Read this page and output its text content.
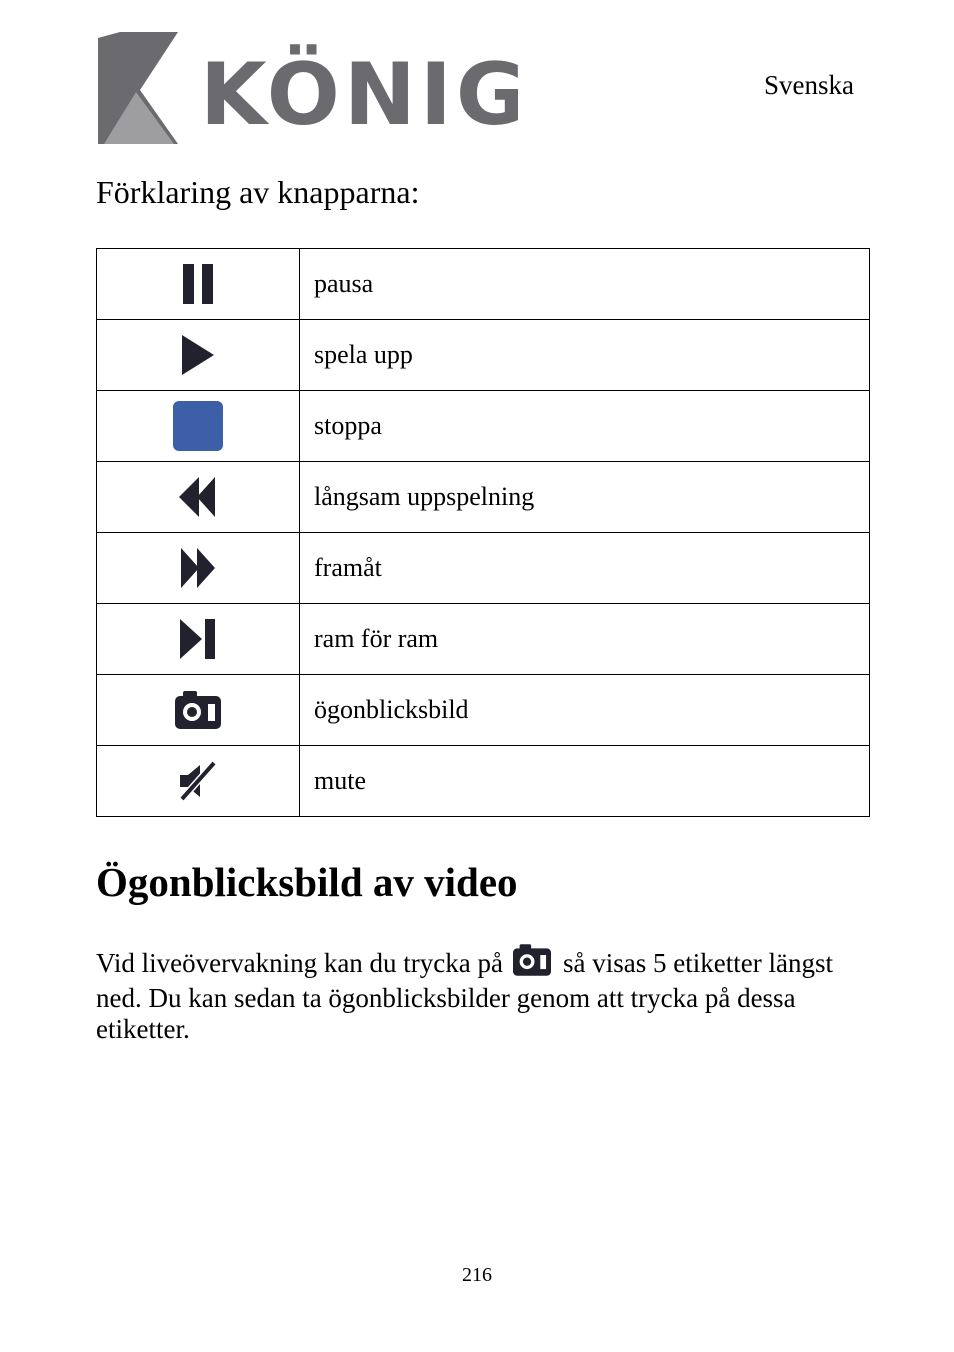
KÖNIG	Svenska
Förklaring av knapparna:
	pausa
	spela upp
	stoppa
	långsam uppspelning
	framåt
	ram för ram
	ögonblicksbild
	mute
Ögonblicksbild av video
Vid liveövervakning kan du trycka på så visas 5 etiketter längst ned. Du kan sedan ta ögonblicksbilder genom att trycka på dessa etiketter.
216
